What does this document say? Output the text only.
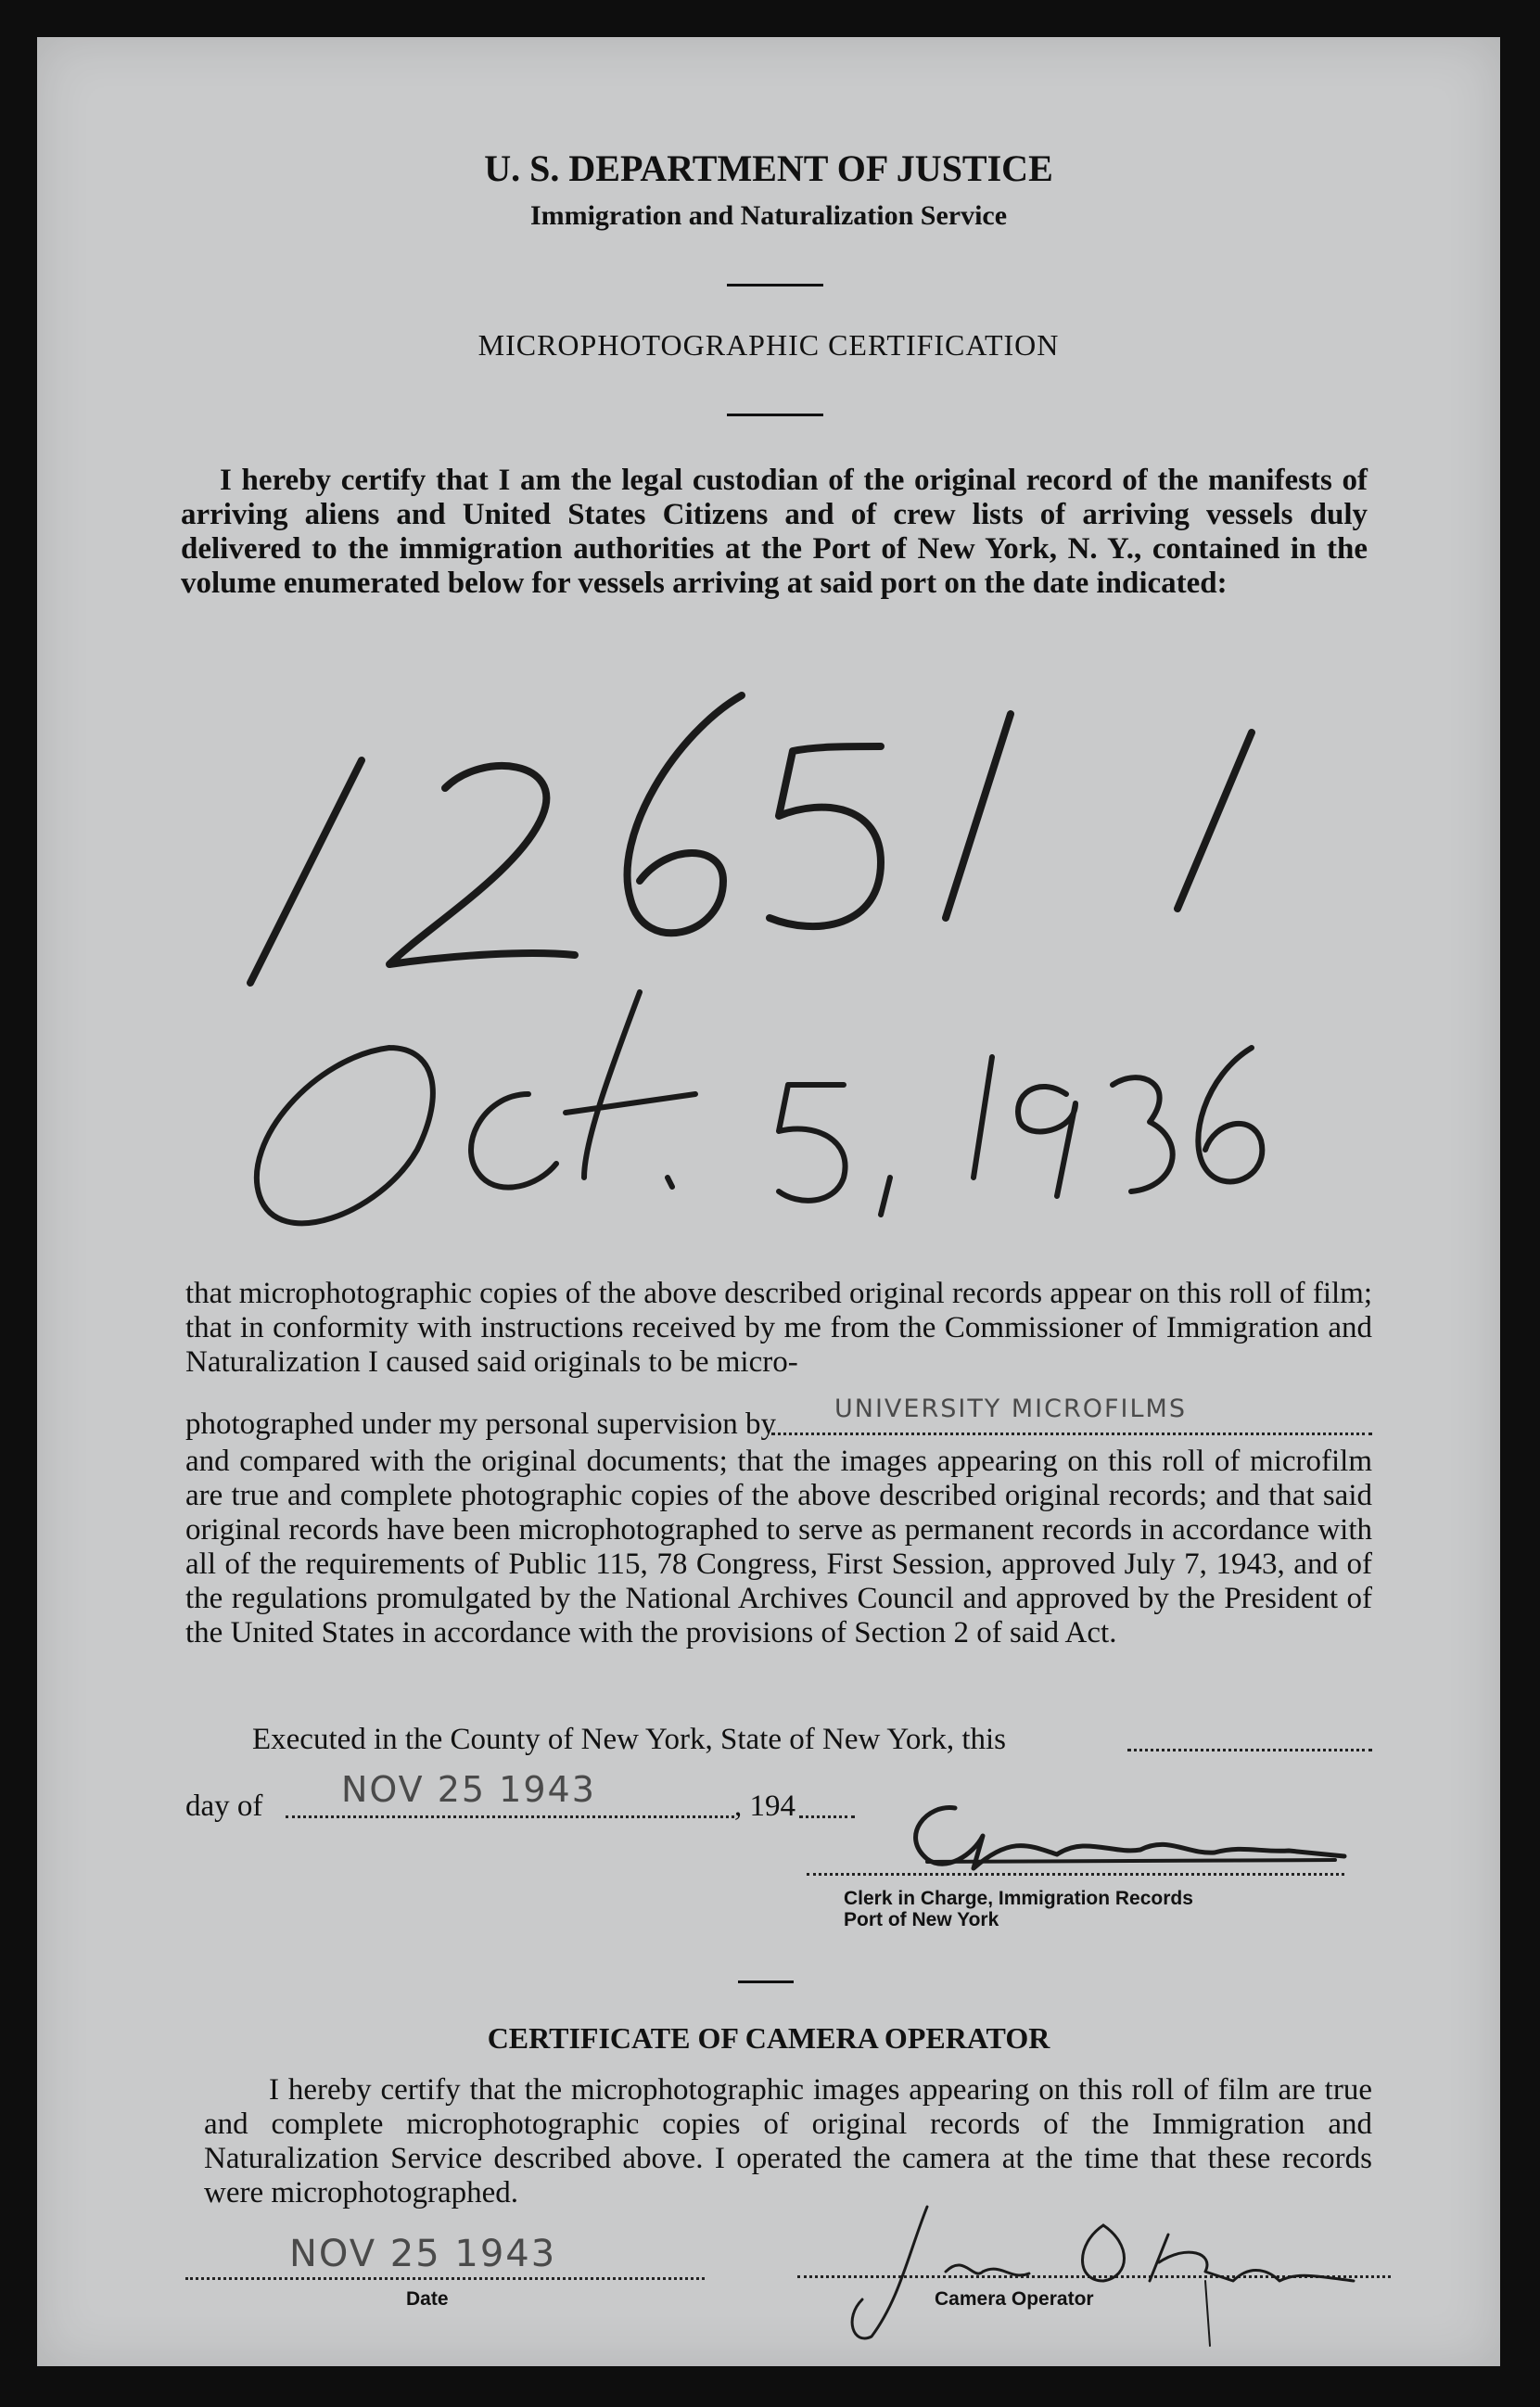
U. S. DEPARTMENT OF JUSTICE
Immigration and Naturalization Service
MICROPHOTOGRAPHIC CERTIFICATION
I hereby certify that I am the legal custodian of the original record of the manifests of arriving aliens and United States Citizens and of crew lists of arriving vessels duly delivered to the immigration authorities at the Port of New York, N. Y., contained in the volume enumerated below for vessels arriving at said port on the date indicated:
that microphotographic copies of the above described original records appear on this roll of film; that in conformity with instructions received by me from the Commissioner of Immigration and Naturalization I caused said originals to be micro-
photographed under my personal supervision by UNIVERSITY MICROFILMS
and compared with the original documents; that the images appearing on this roll of microfilm are true and complete photographic copies of the above described original records; and that said original records have been microphotographed to serve as permanent records in accordance with all of the requirements of Public 115, 78 Congress, First Session, approved July 7, 1943, and of the regulations promulgated by the National Archives Council and approved by the President of the United States in accordance with the provisions of Section 2 of said Act.
Executed in the County of New York, State of New York, this
day of NOV 25 1943	, 194
Clerk in Charge, Immigration Records
Port of New York
CERTIFICATE OF CAMERA OPERATOR
I hereby certify that the microphotographic images appearing on this roll of film are true and complete microphotographic copies of original records of the Immigration and Naturalization Service described above. I operated the camera at the time that these records were microphotographed.
NOV 25 1943
Date	Camera Operator
